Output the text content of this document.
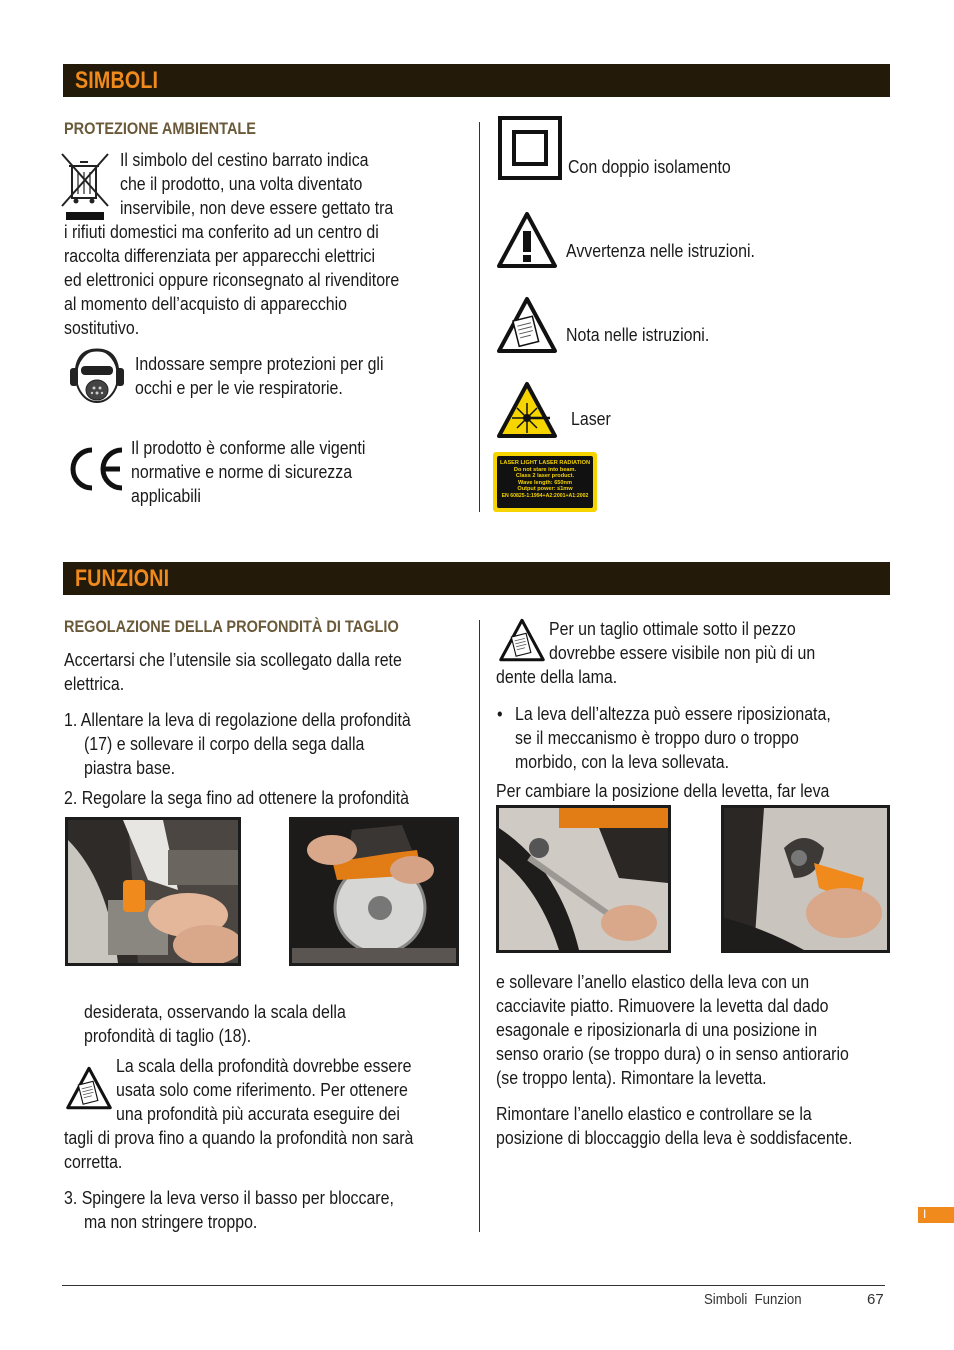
SIMBOLI
PROTEZIONE AMBIENTALE
Il simbolo del cestino barrato indica
che il prodotto, una volta diventato
inservibile, non deve essere gettato tra
i rifiuti domestici ma conferito ad un centro di
raccolta differenziata per apparecchi elettrici
ed elettronici oppure riconsegnato al rivenditore
al momento dell’acquisto di apparecchio
sostitutivo.
Indossare sempre protezioni per gli
occhi e per le vie respiratorie.
Il prodotto è conforme alle vigenti
normative e norme di sicurezza
applicabili
Con doppio isolamento
Avvertenza nelle istruzioni.
Nota nelle istruzioni.
Laser
LASER LIGHT LASER RADIATION
Do not stare into beam.
Class 2 laser product.
Wave length: 650nm
Output power: ≤1mw
EN 60825-1:1994+A2:2001+A1:2002
FUNZIONI
REGOLAZIONE DELLA PROFONDITÀ DI TAGLIO
Accertarsi che l’utensile sia scollegato dalla rete
elettrica.
1. Allentare la leva di regolazione della profondità
(17) e sollevare il corpo della sega dalla
piastra base.
2. Regolare la sega fino ad ottenere la profondità
desiderata, osservando la scala della
profondità di taglio (18).
La scala della profondità dovrebbe essere
usata solo come riferimento. Per ottenere
una profondità più accurata eseguire dei
tagli di prova fino a quando la profondità non sarà
corretta.
3. Spingere la leva verso il basso per bloccare,
ma non stringere troppo.
Per un taglio ottimale sotto il pezzo
dovrebbe essere visibile non più di un
dente della lama.
• La leva dell’altezza può essere riposizionata,
se il meccanismo è troppo duro o troppo
morbido, con la leva sollevata.
Per cambiare la posizione della levetta, far leva
e sollevare l’anello elastico della leva con un
cacciavite piatto. Rimuovere la levetta dal dado
esagonale e riposizionarla di una posizione in
senso orario (se troppo dura) o in senso antiorario
(se troppo lenta). Rimontare la levetta.
Rimontare l’anello elastico e controllare se la
posizione di bloccaggio della leva è soddisfacente.
I
Simboli  Funzion	67
